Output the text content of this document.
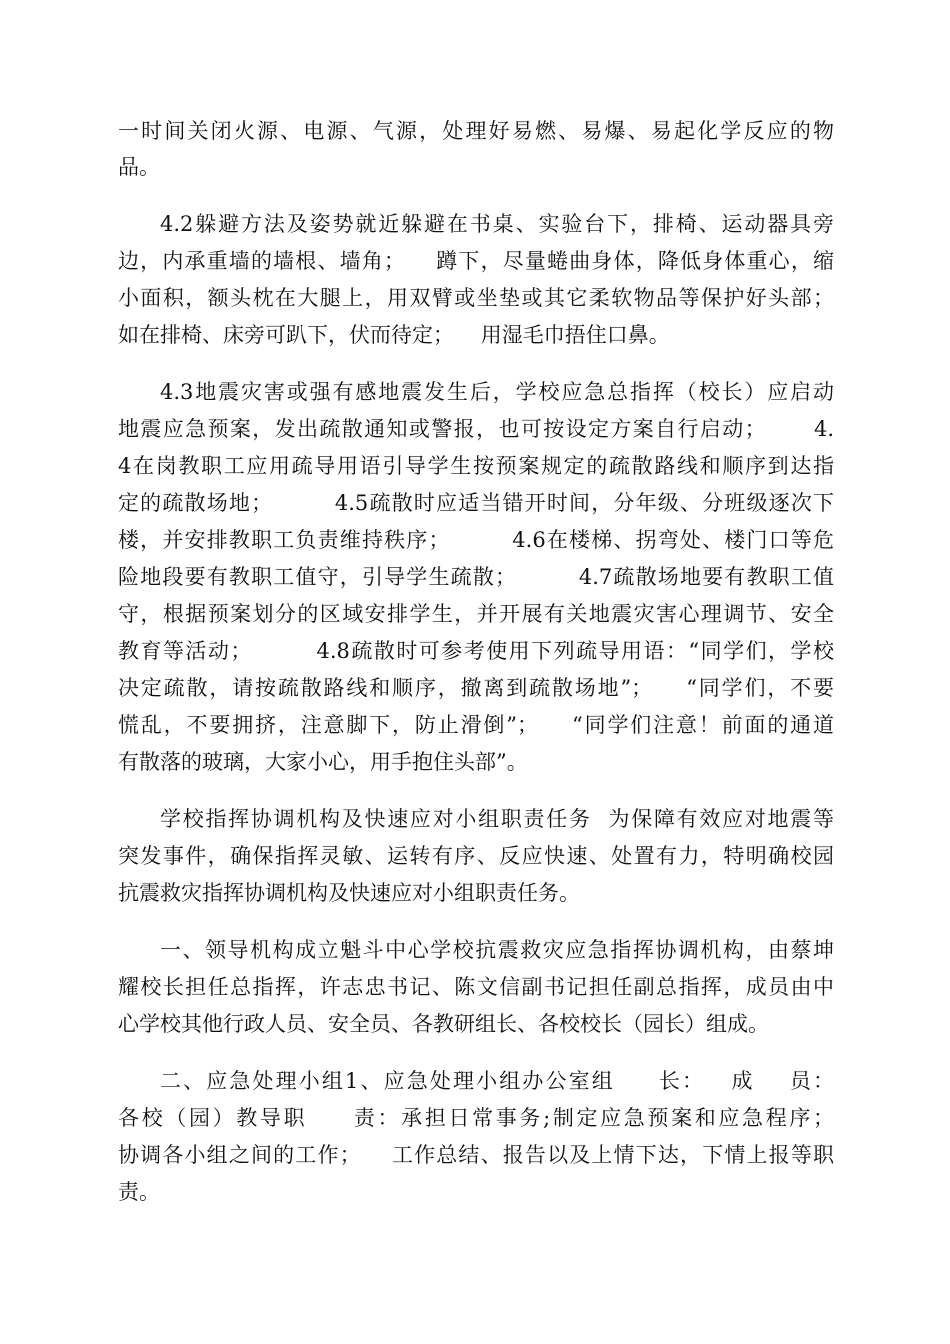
一时间关闭火源、电源、气源，处理好易燃、易爆、易起化学反应的物

品。

4.2躲避方法及姿势就近躲避在书桌、实验台下，排椅、运动器具旁

边，内承重墙的墙根、墙角；    蹲下，尽量蜷曲身体，降低身体重心，缩

小面积，额头枕在大腿上，用双臂或坐垫或其它柔软物品等保护好头部；

如在排椅、床旁可趴下，伏而待定；    用湿毛巾捂住口鼻。

4.3地震灾害或强有感地震发生后，学校应急总指挥（校长）应启动

地震应急预案，发出疏散通知或警报，也可按设定方案自行启动；      4.

4在岗教职工应用疏导用语引导学生按预案规定的疏散路线和顺序到达指

定的疏散场地；        4.5疏散时应适当错开时间，分年级、分班级逐次下

楼，并安排教职工负责维持秩序；        4.6在楼梯、拐弯处、楼门口等危

险地段要有教职工值守，引导学生疏散；        4.7疏散场地要有教职工值

守，根据预案划分的区域安排学生，并开展有关地震灾害心理调节、安全

教育等活动；        4.8疏散时可参考使用下列疏导用语：“同学们，学校

决定疏散，请按疏散路线和顺序，撤离到疏散场地”；    “同学们，不要

慌乱，不要拥挤，注意脚下，防止滑倒”；    “同学们注意！前面的通道

有散落的玻璃，大家小心，用手抱住头部”。

学校指挥协调机构及快速应对小组职责任务  为保障有效应对地震等

突发事件，确保指挥灵敏、运转有序、反应快速、处置有力，特明确校园

抗震救灾指挥协调机构及快速应对小组职责任务。

一、领导机构成立魁斗中心学校抗震救灾应急指挥协调机构，由蔡坤

耀校长担任总指挥，许志忠书记、陈文信副书记担任副总指挥，成员由中

心学校其他行政人员、安全员、各教研组长、各校校长（园长）组成。

二、应急处理小组1、应急处理小组办公室组     长：   成    员：

各校（园）教导职     责：承担日常事务;制定应急预案和应急程序；

协调各小组之间的工作；    工作总结、报告以及上情下达，下情上报等职

责。
